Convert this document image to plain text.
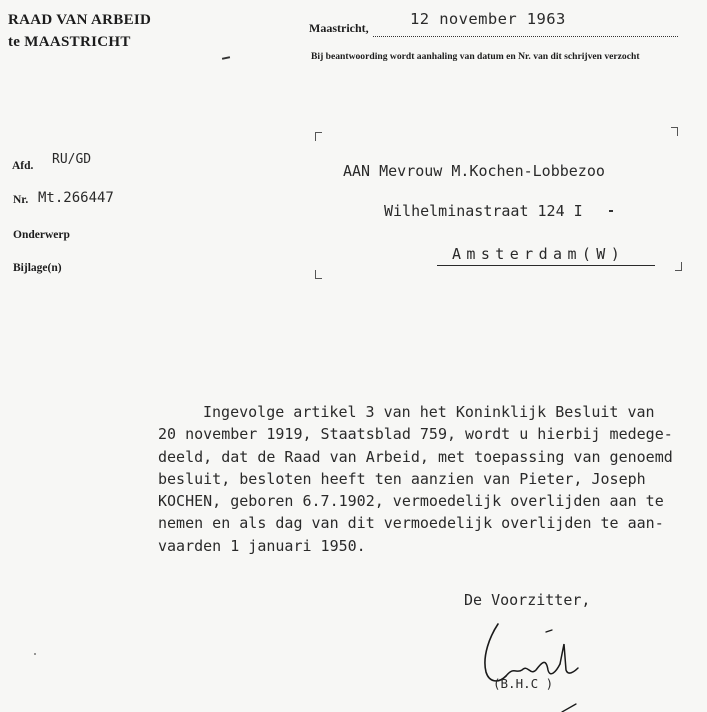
RAAD VAN ARBEID
te MAASTRICHT
Maastricht,	12 november 1963
Bij beantwoording wordt aanhaling van datum en Nr. van dit schrijven verzocht
Afd. RU/GD
Nr. Mt.266447
Onderwerp
Bijlage(n)
AAN Mevrouw M.Kochen-Lobbezoo
Wilhelminastraat 124 I
Amsterdam(W)
Ingevolge artikel 3 van het Koninklijk Besluit van
20 november 1919, Staatsblad 759, wordt u hierbij medege-
deeld, dat de Raad van Arbeid, met toepassing van genoemd
besluit, besloten heeft ten aanzien van Pieter, Joseph
KOCHEN, geboren 6.7.1902, vermoedelijk overlijden aan te
nemen en als dag van dit vermoedelijk overlijden te aan-
vaarden 1 januari 1950.
De Voorzitter,
(B.H.C )
